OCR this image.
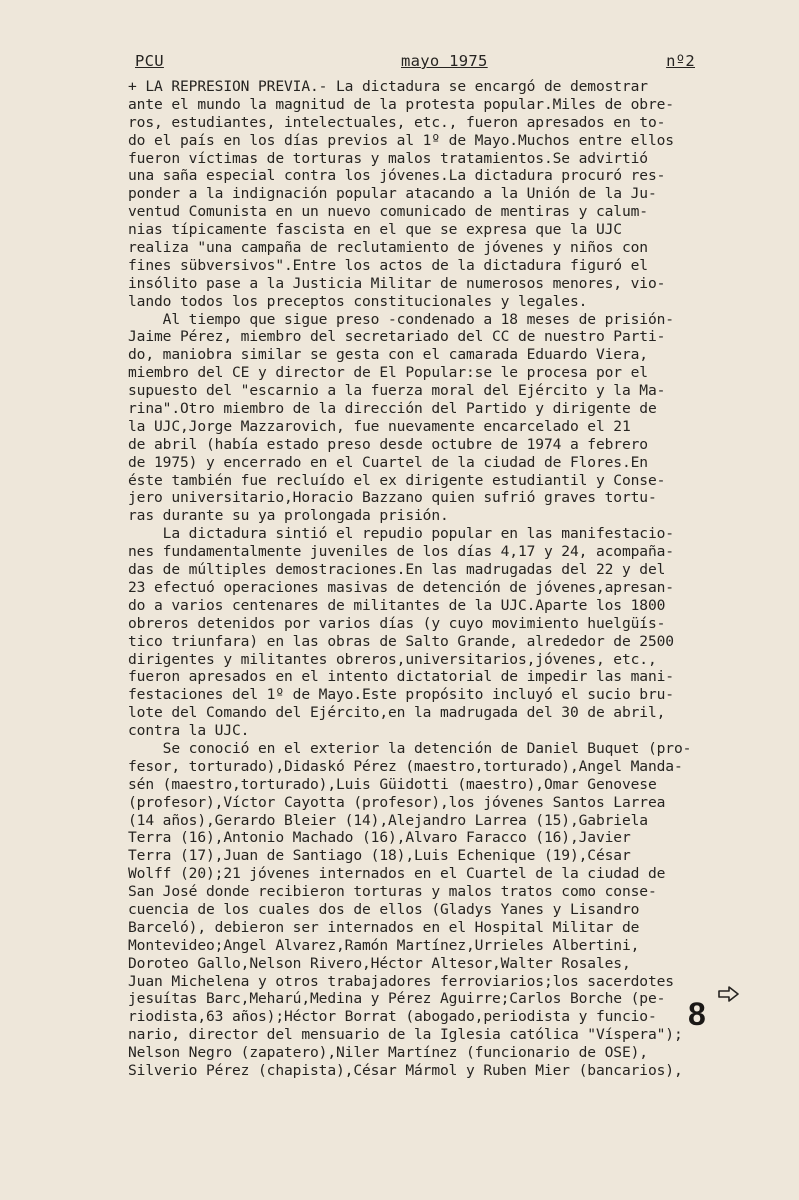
PCU	mayo 1975	nº2
+ LA REPRESION PREVIA.- La dictadura se encargó de demostrar
ante el mundo la magnitud de la protesta popular.Miles de obre-
ros, estudiantes, intelectuales, etc., fueron apresados en to-
do el país en los días previos al 1º de Mayo.Muchos entre ellos
fueron víctimas de torturas y malos tratamientos.Se advirtió
una saña especial contra los jóvenes.La dictadura procuró res-
ponder a la indignación popular atacando a la Unión de la Ju-
ventud Comunista en un nuevo comunicado de mentiras y calum-
nias típicamente fascista en el que se expresa que la UJC
realiza "una campaña de reclutamiento de jóvenes y niños con
fines sübversivos".Entre los actos de la dictadura figuró el
insólito pase a la Justicia Militar de numerosos menores, vio-
lando todos los preceptos constitucionales y legales.
Al tiempo que sigue preso -condenado a 18 meses de prisión-
Jaime Pérez, miembro del secretariado del CC de nuestro Parti-
do, maniobra similar se gesta con el camarada Eduardo Viera,
miembro del CE y director de El Popular:se le procesa por el
supuesto del "escarnio a la fuerza moral del Ejército y la Ma-
rina".Otro miembro de la dirección del Partido y dirigente de
la UJC,Jorge Mazzarovich, fue nuevamente encarcelado el 21
de abril (había estado preso desde octubre de 1974 a febrero
de 1975) y encerrado en el Cuartel de la ciudad de Flores.En
éste también fue recluído el ex dirigente estudiantil y Conse-
jero universitario,Horacio Bazzano quien sufrió graves tortu-
ras durante su ya prolongada prisión.
La dictadura sintió el repudio popular en las manifestacio-
nes fundamentalmente juveniles de los días 4,17 y 24, acompaña-
das de múltiples demostraciones.En las madrugadas del 22 y del
23 efectuó operaciones masivas de detención de jóvenes,apresan-
do a varios centenares de militantes de la UJC.Aparte los 1800
obreros detenidos por varios días (y cuyo movimiento huelgüís-
tico triunfara) en las obras de Salto Grande, alrededor de 2500
dirigentes y militantes obreros,universitarios,jóvenes, etc.,
fueron apresados en el intento dictatorial de impedir las mani-
festaciones del 1º de Mayo.Este propósito incluyó el sucio bru-
lote del Comando del Ejército,en la madrugada del 30 de abril,
contra la UJC.
Se conoció en el exterior la detención de Daniel Buquet (pro-
fesor, torturado),Didaskó Pérez (maestro,torturado),Angel Manda-
sén (maestro,torturado),Luis Güidotti (maestro),Omar Genovese
(profesor),Víctor Cayotta (profesor),los jóvenes Santos Larrea
(14 años),Gerardo Bleier (14),Alejandro Larrea (15),Gabriela
Terra (16),Antonio Machado (16),Alvaro Faracco (16),Javier
Terra (17),Juan de Santiago (18),Luis Echenique (19),César
Wolff (20);21 jóvenes internados en el Cuartel de la ciudad de
San José donde recibieron torturas y malos tratos como conse-
cuencia de los cuales dos de ellos (Gladys Yanes y Lisandro
Barceló), debieron ser internados en el Hospital Militar de
Montevideo;Angel Alvarez,Ramón Martínez,Urrieles Albertini,
Doroteo Gallo,Nelson Rivero,Héctor Altesor,Walter Rosales,
Juan Michelena y otros trabajadores ferroviarios;los sacerdotes
jesuítas Barc,Meharú,Medina y Pérez Aguirre;Carlos Borche (pe-
riodista,63 años);Héctor Borrat (abogado,periodista y funcio-
nario, director del mensuario de la Iglesia católica "Víspera");
Nelson Negro (zapatero),Niler Martínez (funcionario de OSE),
Silverio Pérez (chapista),César Mármol y Ruben Mier (bancarios),
8
